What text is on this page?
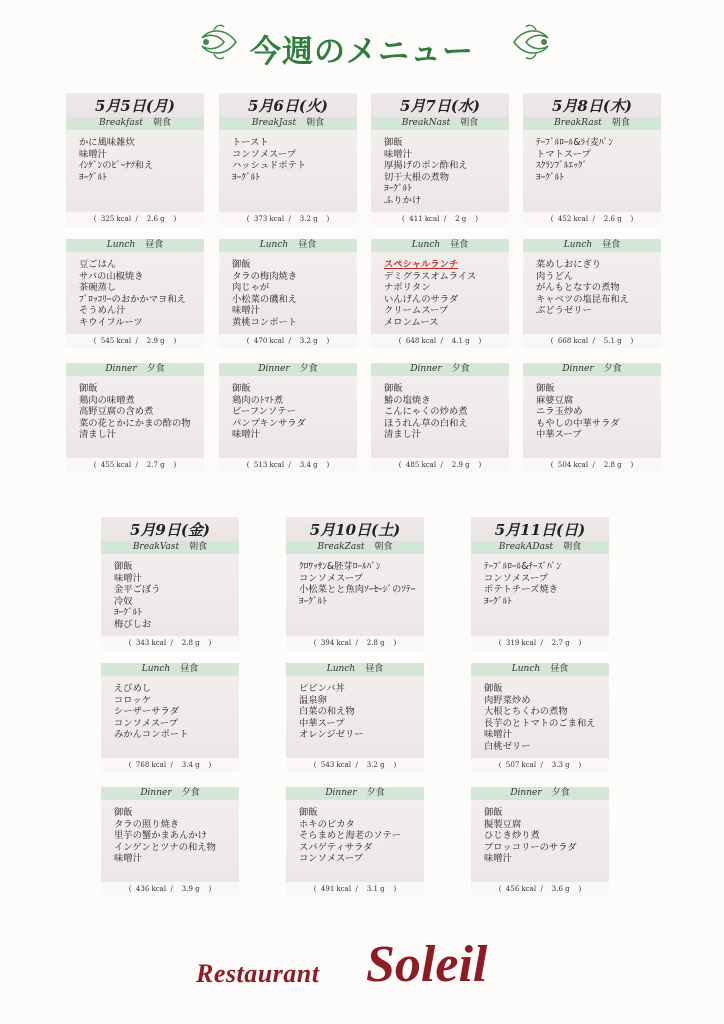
今週のメニュー
5月5日(月)
Breakfast 朝食
かに風味雑炊
味噌汁
ｲﾝｹﾞﾝのﾋﾟｰﾅﾂ和え
ﾖｰｸﾞﾙﾄ
(  325 kcal  /    2.6 g    )
Lunch 昼食
豆ごはん
サバの山椒焼き
茶碗蒸し
ﾌﾞﾛｯｺﾘｰのおかかマヨ和え
そうめん汁
キウイフルーツ
(  545 kcal  /    2.9 g    )
Dinner 夕食
御飯
鶏肉の味噌煮
高野豆腐の含め煮
菜の花とかにかまの酢の物
清まし汁
(  455 kcal  /    2.7 g    )
5月6日(火)
BreakJast 朝食
トースト
コンソメスープ
ハッシュドポテト
ﾖｰｸﾞﾙﾄ
(  373 kcal  /    3.2 g    )
Lunch 昼食
御飯
タラの梅肉焼き
肉じゃが
小松菜の磯和え
味噌汁
黄桃コンポート
(  470 kcal  /    3.2 g    )
Dinner 夕食
御飯
鶏肉のﾄﾏﾄ煮
ビーフンソテー
パンプキンサラダ
味噌汁
(  513 kcal  /    3.4 g    )
5月7日(水)
BreakNast 朝食
御飯
味噌汁
厚揚げのポン酢和え
切干大根の煮物
ﾖｰｸﾞﾙﾄ
ふりかけ
(  411 kcal  /    2 g    )
Lunch 昼食
スペシャルランチ
デミグラスオムライス
ナポリタン
いんげんのサラダ
クリームスープ
メロンムース
(  648 kcal  /    4.1 g    )
Dinner 夕食
御飯
鰆の塩焼き
こんにゃくの炒め煮
ほうれん草の白和え
清まし汁
(  485 kcal  /    2.9 g    )
5月8日(木)
BreakRast 朝食
ﾃｰﾌﾞﾙﾛｰﾙ&ﾗｲ麦ﾊﾟﾝ
トマトスープ
ｽｸﾗﾝﾌﾞﾙｴｯｸﾞ
ﾖｰｸﾞﾙﾄ
(  452 kcal  /    2.6 g    )
Lunch 昼食
菜めしおにぎり
肉うどん
がんもとなすの煮物
キャベツの塩昆布和え
ぶどうゼリー
(  668 kcal  /    5.1 g    )
Dinner 夕食
御飯
麻婆豆腐
ニラ玉炒め
もやしの中華サラダ
中華スープ
(  504 kcal  /    2.8 g    )
5月9日(金)
BreakVast 朝食
御飯
味噌汁
金平ごぼう
冷奴
ﾖｰｸﾞﾙﾄ
梅びしお
(  343 kcal  /    2.8 g    )
Lunch 昼食
えびめし
コロッケ
シーザーサラダ
コンソメスープ
みかんコンポート
(  768 kcal  /    3.4 g    )
Dinner 夕食
御飯
タラの照り焼き
里芋の蟹かまあんかけ
インゲンとツナの和え物
味噌汁
(  436 kcal  /    3.9 g    )
5月10日(土)
BreakZast 朝食
ｸﾛﾜｯｻﾝ&胚芽ﾛｰﾙﾊﾟﾝ
コンソメスープ
小松菜とと魚肉ｿｰｾｰｼﾞのｿﾃｰ
ﾖｰｸﾞﾙﾄ
(  394 kcal  /    2.8 g    )
Lunch 昼食
ビビンバ丼
温泉卵
白菜の和え物
中華スープ
オレンジゼリー
(  543 kcal  /    3.2 g    )
Dinner 夕食
御飯
ホキのピカタ
そらまめと海老のソテー
スパゲティサラダ
コンソメスープ
(  491 kcal  /    3.1 g    )
5月11日(日)
BreakADast 朝食
ﾃｰﾌﾞﾙﾛｰﾙ&ﾁｰｽﾞﾊﾟﾝ
コンソメスープ
ポテトチーズ焼き
ﾖｰｸﾞﾙﾄ
(  319 kcal  /    2.7 g    )
Lunch 昼食
御飯
肉野菜炒め
大根とちくわの煮物
長芋のとトマトのごま和え
味噌汁
白桃ゼリー
(  507 kcal  /    3.3 g    )
Dinner 夕食
御飯
擬製豆腐
ひじき炒り煮
ブロッコリーのサラダ
味噌汁
(  456 kcal  /    3.6 g    )
Restaurant Soleil
